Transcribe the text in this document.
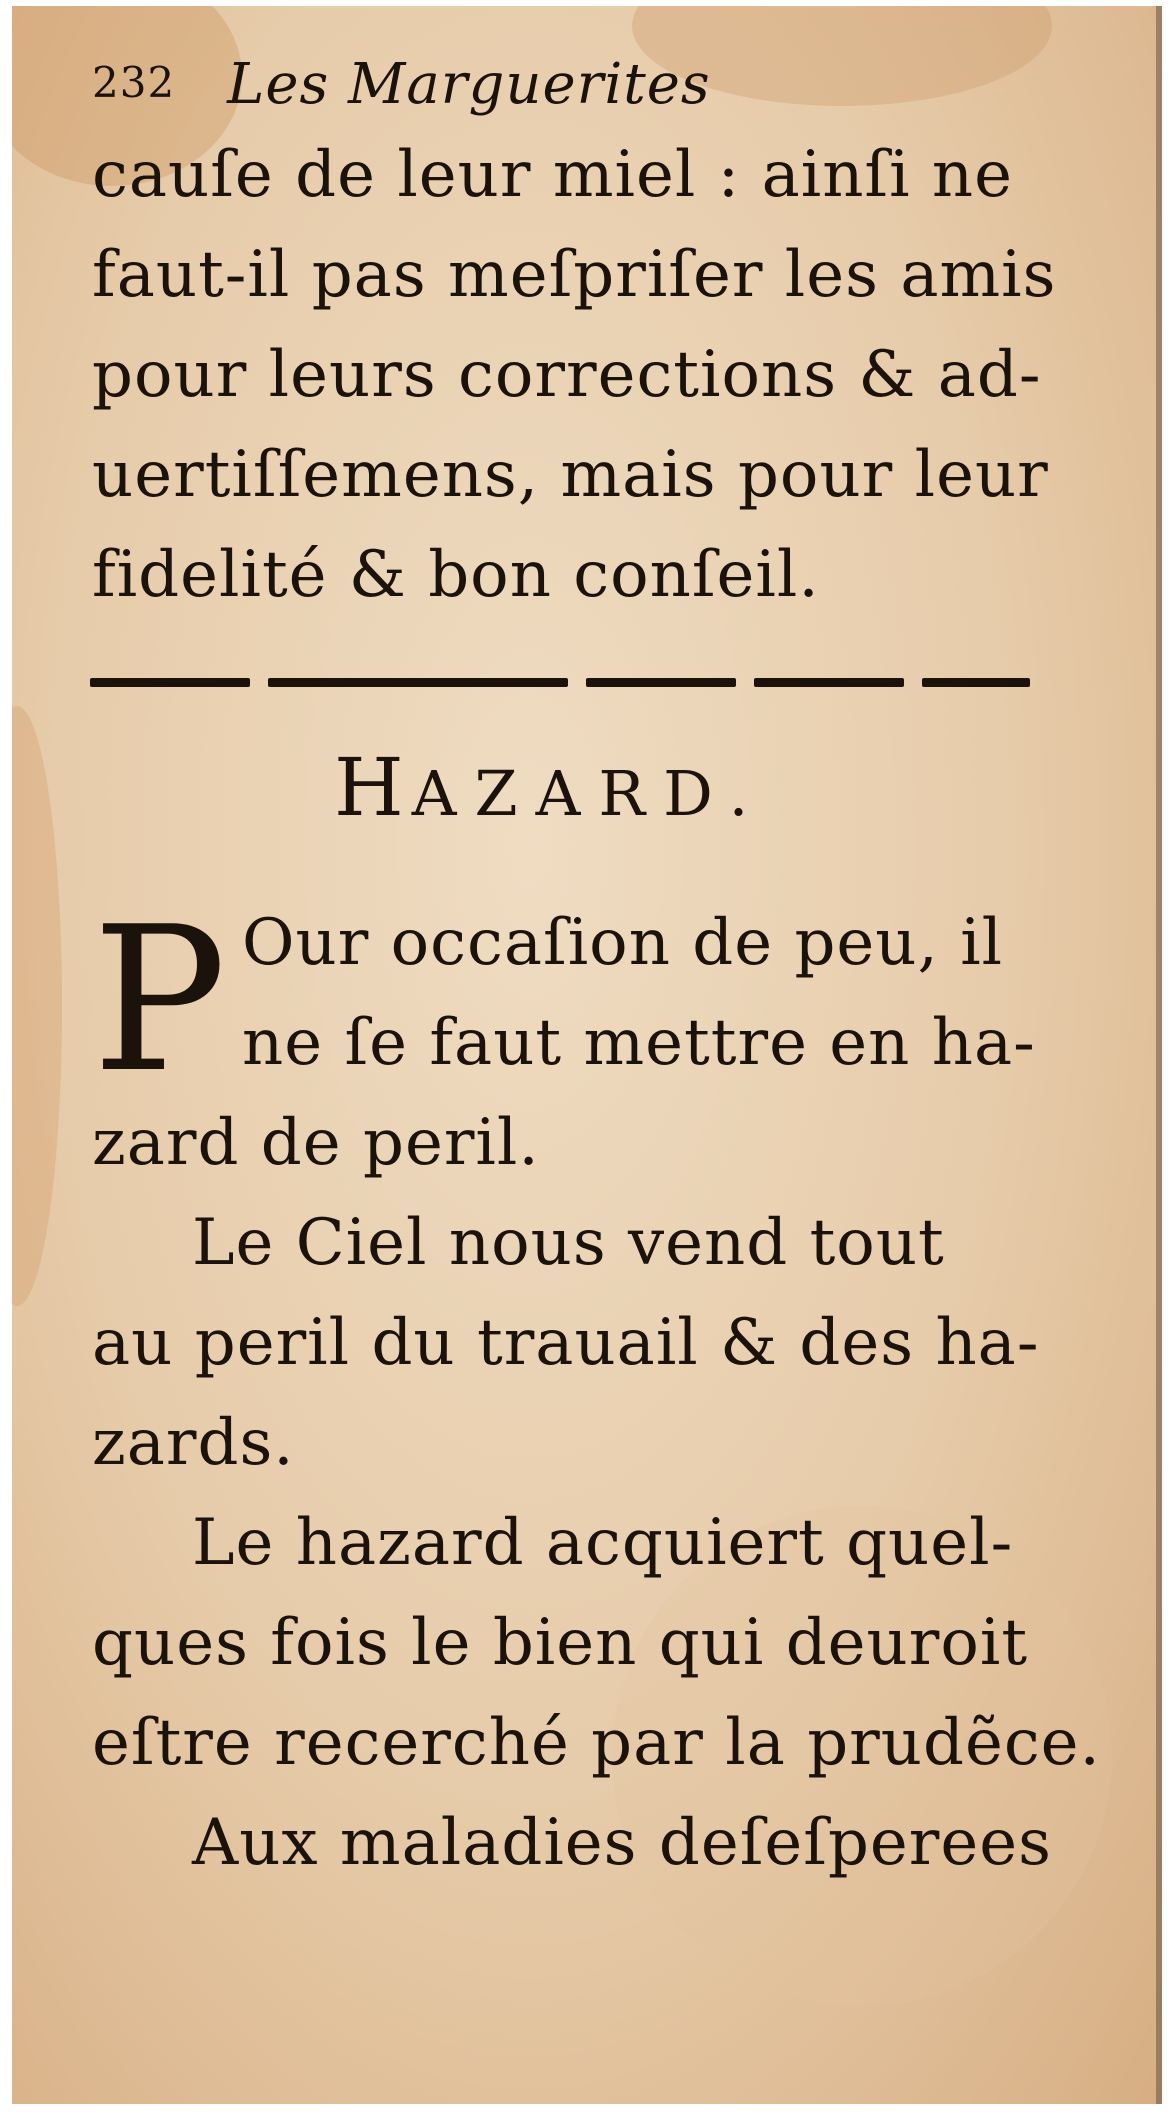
232 Les Marguerites
cauſe de leur miel : ainſi ne
faut-il pas meſpriſer les amis
pour leurs corrections & ad-
uertiſſemens, mais pour leur
fidelité & bon conſeil.
HAZARD.
P Our occaſion de peu, il
ne ſe faut mettre en ha-
zard de peril.
Le Ciel nous vend tout
au peril du trauail & des ha-
zards.
Le hazard acquiert quel-
ques fois le bien qui deuroit
eſtre recerché par la prudẽce.
Aux maladies deſeſperees
